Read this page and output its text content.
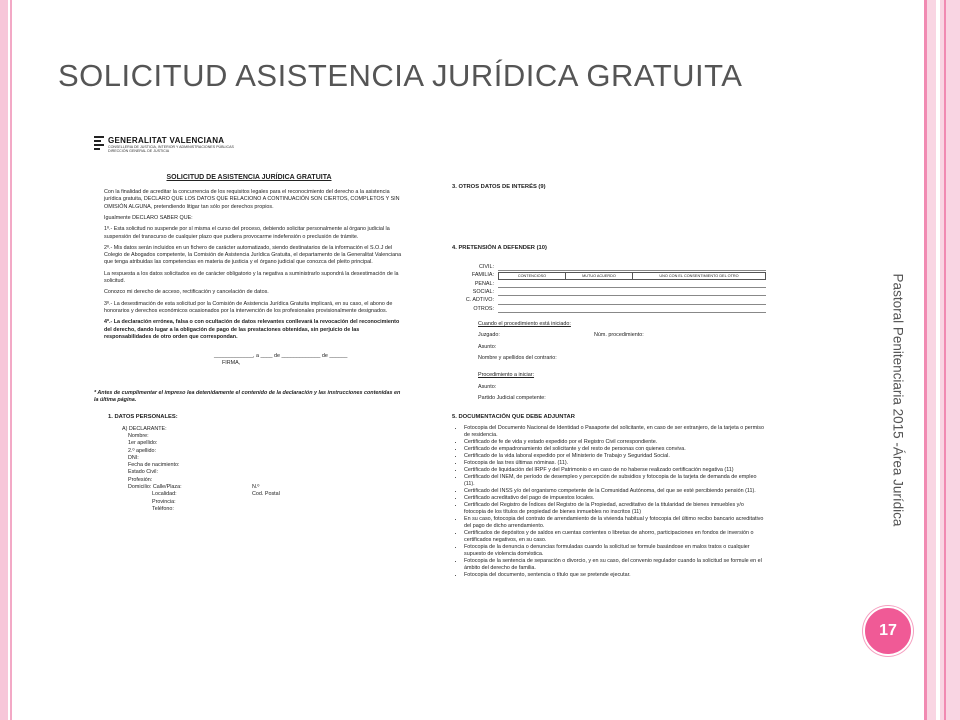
SOLICITUD ASISTENCIA JURÍDICA GRATUITA
GENERALITAT VALENCIANA
CONSELLERIA DE JUSTICIA, INTERIOR Y ADMINISTRACIONES PÚBLICAS
DIRECCIÓN GENERAL DE JUSTICIA
SOLICITUD DE ASISTENCIA JURÍDICA GRATUITA

Con la finalidad de acreditar la concurrencia de los requisitos legales para el reconocimiento del derecho a la asistencia jurídica gratuita, DECLARO QUE LOS DATOS QUE RELACIONO A CONTINUACIÓN SON CIERTOS, COMPLETOS Y SIN OMISIÓN ALGUNA, pretendiendo litigar tan sólo por derechos propios.

Igualmente DECLARO SABER QUE:

1º.- Esta solicitud no suspende por sí misma el curso del proceso, debiendo solicitar personalmente al órgano judicial la suspensión del transcurso de cualquier plazo que pudiera provocarme indefensión o preclusión de trámite.

2º.- Mis datos serán incluidos en un fichero de carácter automatizado, siendo destinatarios de la información el S.O.J del Colegio de Abogados competente, la Comisión de Asistencia Jurídica Gratuita, el departamento de la Generalitat Valenciana que tenga atribuidas las competencias en materia de justicia y el órgano judicial que conozca del pleito principal.

La respuesta a los datos solicitados es de carácter obligatorio y la negativa a suministrarlo supondrá la desestimación de la solicitud.

Conozco mi derecho de acceso, rectificación y cancelación de datos.

3º.- La desestimación de esta solicitud por la Comisión de Asistencia Jurídica Gratuita implicará, en su caso, el abono de honorarios y derechos económicos ocasionados por la intervención de los profesionales provisionalmente designados.

4º.- La declaración errónea, falsa o con ocultación de datos relevantes conllevará la revocación del reconocimiento del derecho, dando lugar a la obligación de pago de las prestaciones obtenidas, sin perjuicio de las responsabilidades de otro orden que correspondan.

_____________, a ____ de _____________ de ______
FIRMA,
* Antes de cumplimentar el impreso lea detenidamente el contenido de la declaración y las instrucciones contenidas en la última página.
1. DATOS PERSONALES:
A) DECLARANTE:
Nombre:
1er apellido:
2.º apellido:
DNI:
Fecha de nacimiento:
Estado Civil:
Profesión:
Domicilio: Calle/Plaza:	N.º
Localidad:	Cod. Postal
Provincia:
Teléfono:
3. OTROS DATOS DE INTERÉS (9)
4. PRETENSIÓN A DEFENDER (10)
CIVIL:
FAMILIA:	CONTENCIOSO	MUTUO ACUERDO	UNO CON EL CONSENTIMIENTO DEL OTRO
PENAL:
SOCIAL:
C. ADTIVO:
OTROS:
Cuando el procedimiento está iniciado:
Juzgado:	Núm. procedimiento:
Asunto:
Nombre y apellidos del contrario:
Procedimiento a iniciar:
Asunto:
Partido Judicial competente:
5. DOCUMENTACIÓN QUE DEBE ADJUNTAR
• Fotocopia del Documento Nacional de Identidad o Pasaporte del solicitante, en caso de ser extranjero, de la tarjeta o permiso de residencia.
• Certificado de fe de vida y estado expedido por el Registro Civil correspondiente.
• Certificado de empadronamiento del solicitante y del resto de personas con quienes conviva.
• Certificado de la vida laboral expedido por el Ministerio de Trabajo y Seguridad Social.
• Fotocopia de las tres últimas nóminas. (11).
• Certificado de liquidación del IRPF y del Patrimonio o en caso de no haberse realizado certificación negativa (11)
• Certificado del INEM, de período de desempleo y percepción de subsidios y fotocopia de la tarjeta de demanda de empleo (11).
• Certificado del INSS y/o del organismo competente de la Comunidad Autónoma, del que se esté percibiendo pensión (11).
• Certificado acreditativo del pago de impuestos locales.
• Certificado del Registro de Índices del Registro de la Propiedad, acreditativo de la titularidad de bienes inmuebles y/o fotocopia de los títulos de propiedad de bienes inmuebles no inscritos (11)
• En su caso, fotocopia del contrato de arrendamiento de la vivienda habitual y fotocopia del último recibo bancario acreditativo del pago de dicho arrendamiento.
• Certificados de depósitos y de saldos en cuentas corrientes o libretas de ahorro, participaciones en fondos de inversión o certificados negativos, en su caso.
• Fotocopia de la denuncia o denuncias formuladas cuando la solicitud se formule basándose en malos tratos o cualquier supuesto de violencia doméstica.
• Fotocopia de la sentencia de separación o divorcio, y en su caso, del convenio regulador cuando la solicitud se formule en el ámbito del derecho de familia.
• Fotocopia del documento, sentencia o título que se pretende ejecutar.
Pastoral Penitenciaria 2015 -Área Jurídica
17
